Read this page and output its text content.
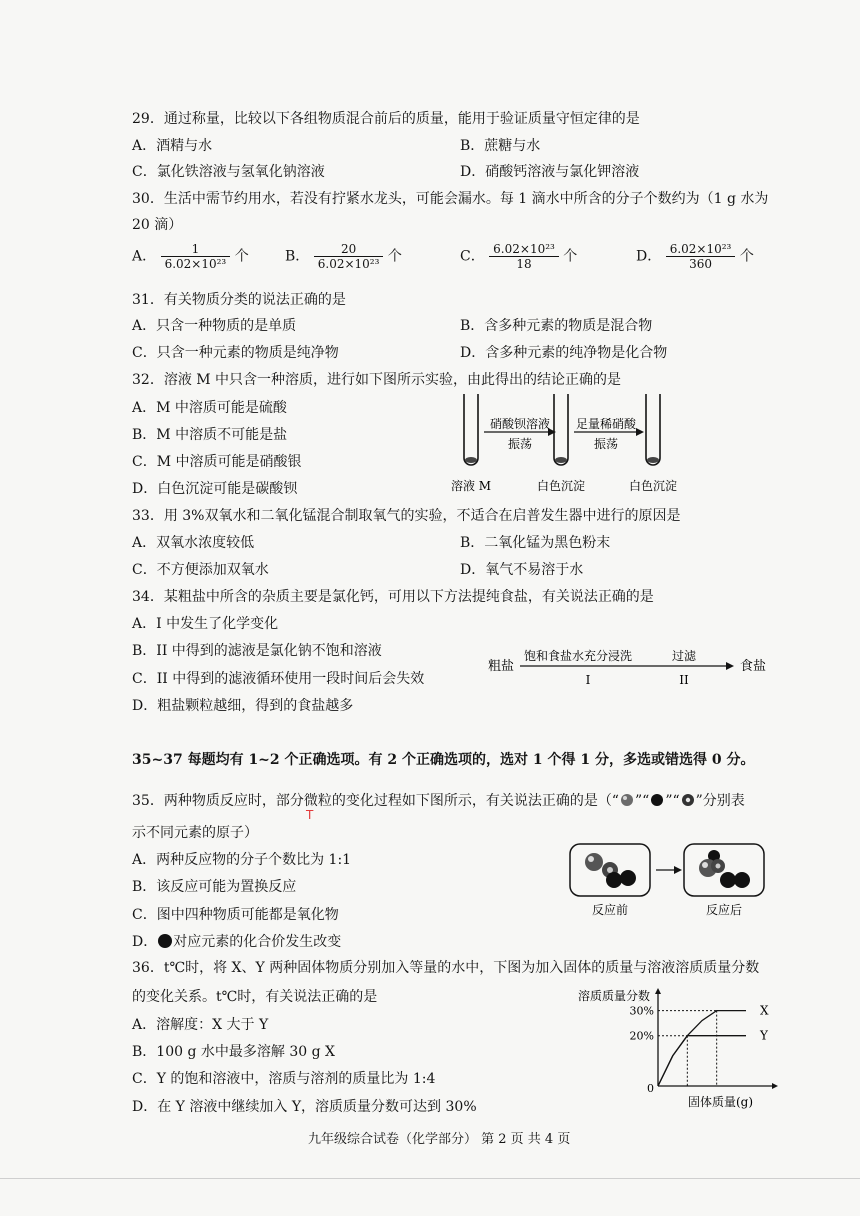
29．通过称量，比较以下各组物质混合前后的质量，能用于验证质量守恒定律的是
A．酒精与水	B．蔗糖与水
C．氯化铁溶液与氢氧化钠溶液	D．硝酸钙溶液与氯化钾溶液
30．生活中需节约用水，若没有拧紧水龙头，可能会漏水。每 1 滴水中所含的分子个数约为（1 g 水为
20 滴）
A． $\frac{1}{\text{6.02×10²³}}$ 个	B． $\frac{20}{\text{6.02×10²³}}$ 个	C． $\frac{\text{6.02×10²³}}{18}$ 个	D． $\frac{\text{6.02×10²³}}{360}$ 个
31．有关物质分类的说法正确的是
A．只含一种物质的是单质	B．含多种元素的物质是混合物
C．只含一种元素的物质是纯净物	D．含多种元素的纯净物是化合物
32．溶液 M 中只含一种溶质，进行如下图所示实验，由此得出的结论正确的是
A．M 中溶质可能是硫酸
B．M 中溶质不可能是盐
C．M 中溶质可能是硝酸银
D．白色沉淀可能是碳酸钡
硝酸钡溶液
振荡
足量稀硝酸
振荡
溶液 M	白色沉淀	白色沉淀
33．用 3%双氧水和二氧化锰混合制取氧气的实验，不适合在启普发生器中进行的原因是
A．双氧水浓度较低	B．二氧化锰为黑色粉末
C．不方便添加双氧水	D．氧气不易溶于水
34．某粗盐中所含的杂质主要是氯化钙，可用以下方法提纯食盐，有关说法正确的是
A．I 中发生了化学变化
B．II 中得到的滤液是氯化钠不饱和溶液
C．II 中得到的滤液循环使用一段时间后会失效
D．粗盐颗粒越细，得到的食盐越多
粗盐
饱和食盐水充分浸洗
I
过滤
II
食盐
35~37 每题均有 1~2 个正确选项。有 2 个正确选项的，选对 1 个得 1 分，多选或错选得 0 分。
35．两种物质反应时，部分微粒的变化过程如下图所示，有关说法正确的是（“ ”“ ”“ ”分别表
示不同元素的原子）
T
A．两种反应物的分子个数比为 1:1
B．该反应可能为置换反应
C．图中四种物质可能都是氧化物
D． 对应元素的化合价发生改变
反应前	反应后
36．t℃时，将 X、Y 两种固体物质分别加入等量的水中，下图为加入固体的质量与溶液溶质质量分数
的变化关系。t℃时，有关说法正确的是
A．溶解度：X 大于 Y
B．100 g 水中最多溶解 30 g X
C．Y 的饱和溶液中，溶质与溶剂的质量比为 1:4
D．在 Y 溶液中继续加入 Y，溶质质量分数可达到 30%
溶质质量分数
固体质量(g)
0
20%
30%	X
Y
九年级综合试卷（化学部分） 第 2 页 共 4 页
